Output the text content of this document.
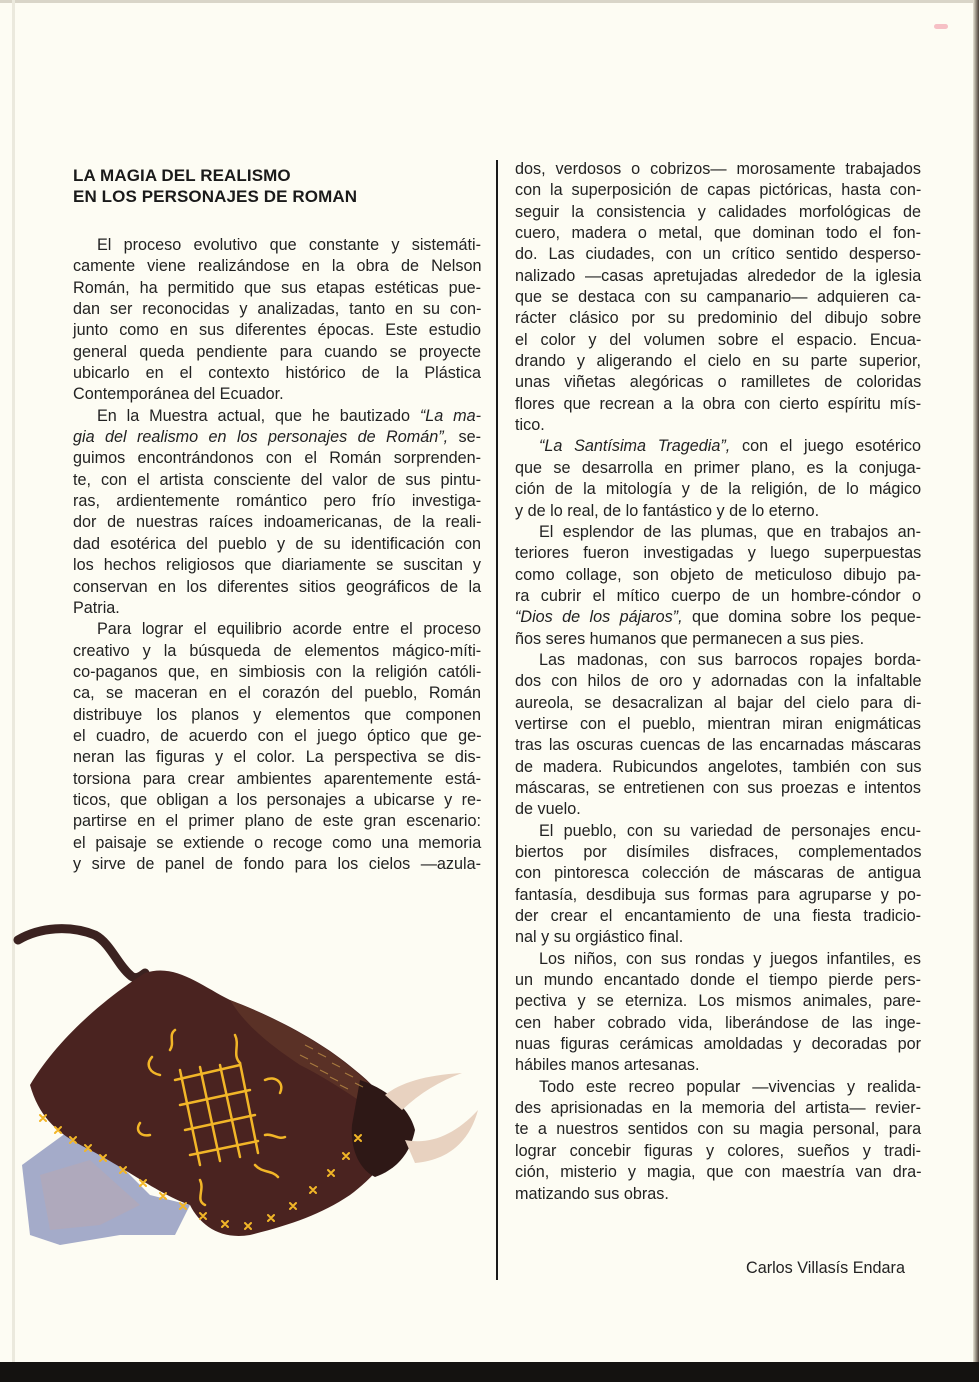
LA MAGIA DEL REALISMO
EN LOS PERSONAJES DE ROMAN
El proceso evolutivo que constante y sistemáti-
camente viene realizándose en la obra de Nelson
Román, ha permitido que sus etapas estéticas pue-
dan ser reconocidas y analizadas, tanto en su con-
junto como en sus diferentes épocas. Este estudio
general queda pendiente para cuando se proyecte
ubicarlo en el contexto histórico de la Plástica
Contemporánea del Ecuador.
En la Muestra actual, que he bautizado “La ma-
gia del realismo en los personajes de Román”, se-
guimos encontrándonos con el Román sorprenden-
te, con el artista consciente del valor de sus pintu-
ras, ardientemente romántico pero frío investiga-
dor de nuestras raíces indoamericanas, de la reali-
dad esotérica del pueblo y de su identificación con
los hechos religiosos que diariamente se suscitan y
conservan en los diferentes sitios geográficos de la
Patria.
Para lograr el equilibrio acorde entre el proceso
creativo y la búsqueda de elementos mágico-míti-
co-paganos que, en simbiosis con la religión católi-
ca, se maceran en el corazón del pueblo, Román
distribuye los planos y elementos que componen
el cuadro, de acuerdo con el juego óptico que ge-
neran las figuras y el color. La perspectiva se dis-
torsiona para crear ambientes aparentemente está-
ticos, que obligan a los personajes a ubicarse y re-
partirse en el primer plano de este gran escenario:
el paisaje se extiende o recoge como una memoria
y sirve de panel de fondo para los cielos —azula-
dos, verdosos o cobrizos— morosamente trabajados
con la superposición de capas pictóricas, hasta con-
seguir la consistencia y calidades morfológicas de
cuero, madera o metal, que dominan todo el fon-
do. Las ciudades, con un crítico sentido desperso-
nalizado —casas apretujadas alrededor de la iglesia
que se destaca con su campanario— adquieren ca-
rácter clásico por su predominio del dibujo sobre
el color y del volumen sobre el espacio. Encua-
drando y aligerando el cielo en su parte superior,
unas viñetas alegóricas o ramilletes de coloridas
flores que recrean a la obra con cierto espíritu mís-
tico.
“La Santísima Tragedia”, con el juego esotérico
que se desarrolla en primer plano, es la conjuga-
ción de la mitología y de la religión, de lo mágico
y de lo real, de lo fantástico y de lo eterno.
El esplendor de las plumas, que en trabajos an-
teriores fueron investigadas y luego superpuestas
como collage, son objeto de meticuloso dibujo pa-
ra cubrir el mítico cuerpo de un hombre-cóndor o
“Dios de los pájaros”, que domina sobre los peque-
ños seres humanos que permanecen a sus pies.
Las madonas, con sus barrocos ropajes borda-
dos con hilos de oro y adornadas con la infaltable
aureola, se desacralizan al bajar del cielo para di-
vertirse con el pueblo, mientran miran enigmáticas
tras las oscuras cuencas de las encarnadas máscaras
de madera. Rubicundos angelotes, también con sus
máscaras, se entretienen con sus proezas e intentos
de vuelo.
El pueblo, con su variedad de personajes encu-
biertos por disímiles disfraces, complementados
con pintoresca colección de máscaras de antigua
fantasía, desdibuja sus formas para agruparse y po-
der crear el encantamiento de una fiesta tradicio-
nal y su orgiástico final.
Los niños, con sus rondas y juegos infantiles, es
un mundo encantado donde el tiempo pierde pers-
pectiva y se eterniza. Los mismos animales, pare-
cen haber cobrado vida, liberándose de las inge-
nuas figuras cerámicas amoldadas y decoradas por
hábiles manos artesanas.
Todo este recreo popular —vivencias y realida-
des aprisionadas en la memoria del artista— revier-
te a nuestros sentidos con su magia personal, para
lograr concebir figuras y colores, sueños y tradi-
ción, misterio y magia, que con maestría van dra-
matizando sus obras.
Carlos Villasís Endara
